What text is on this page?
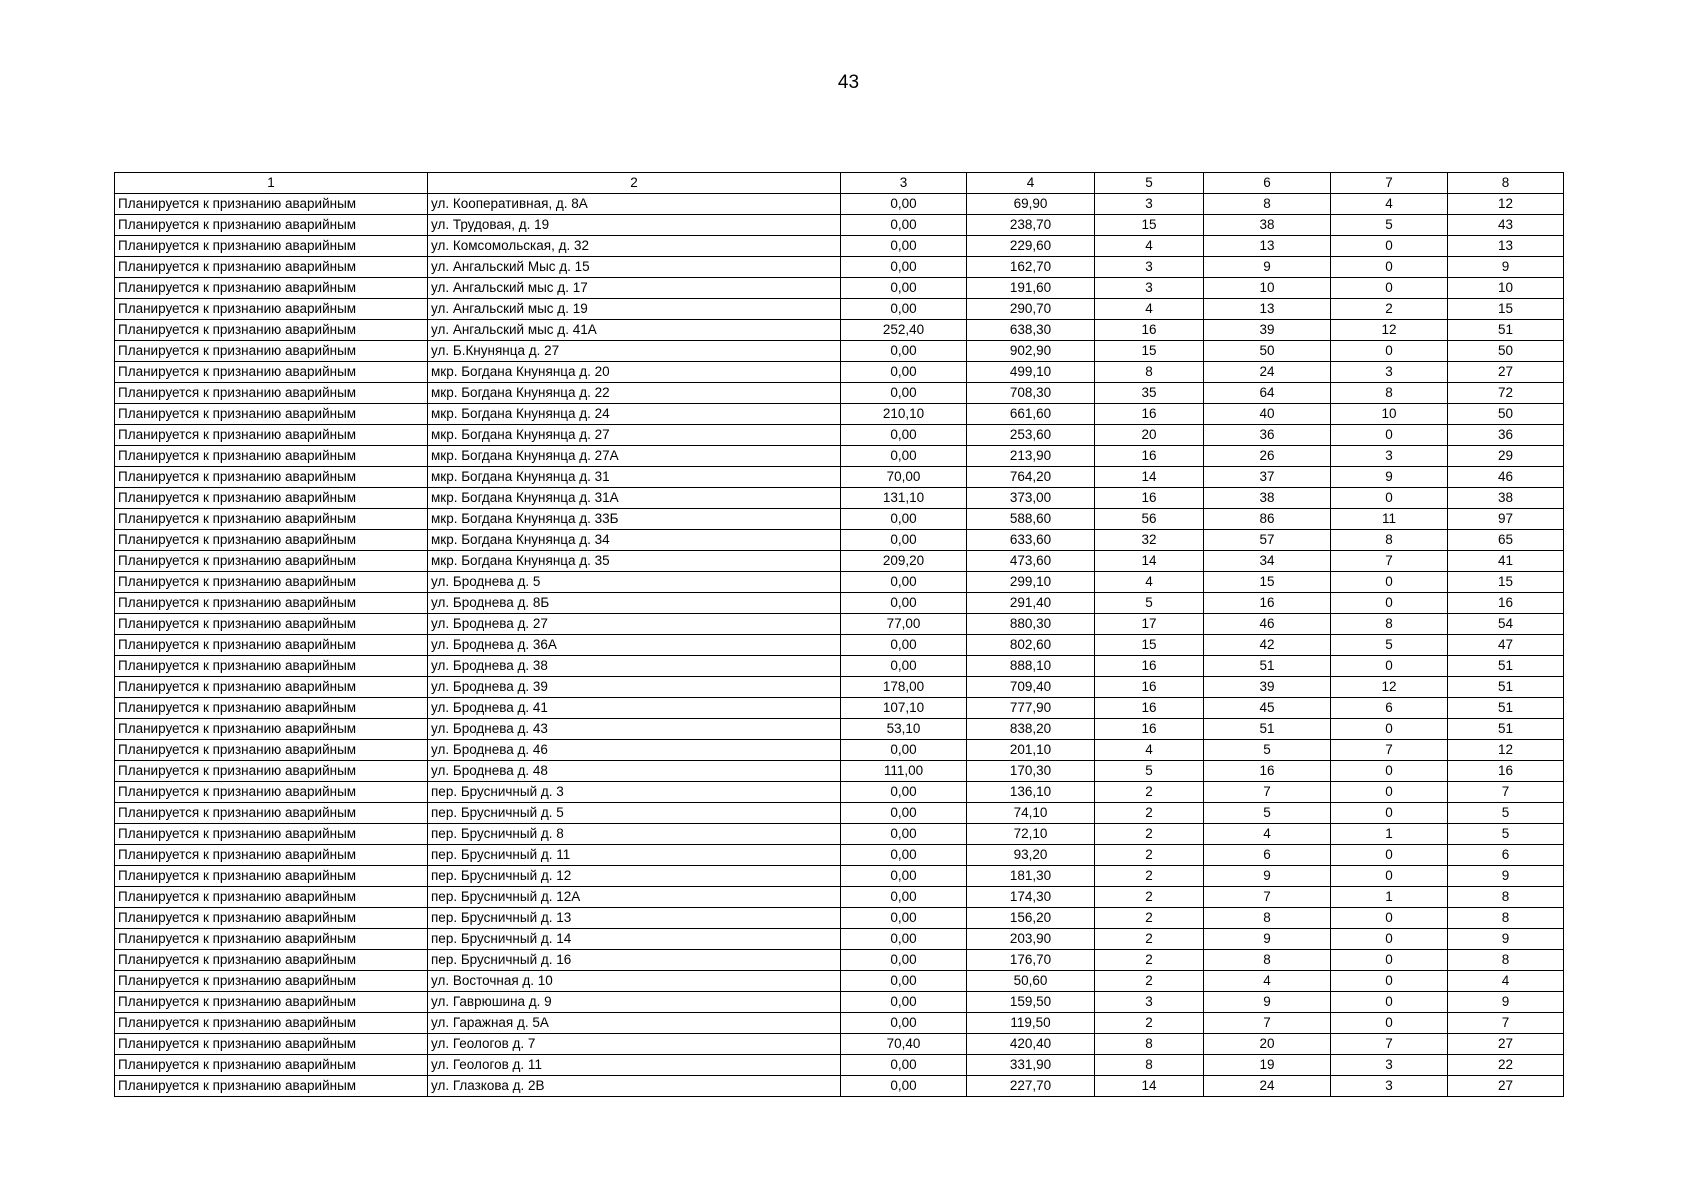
43
1	2	3	4	5	6	7	8
Планируется к признанию аварийным	ул. Кооперативная, д. 8А	0,00	69,90	3	8	4	12
Планируется к признанию аварийным	ул. Трудовая, д. 19	0,00	238,70	15	38	5	43
Планируется к признанию аварийным	ул. Комсомольская, д. 32	0,00	229,60	4	13	0	13
Планируется к признанию аварийным	ул. Ангальский Мыс д. 15	0,00	162,70	3	9	0	9
Планируется к признанию аварийным	ул. Ангальский мыс д. 17	0,00	191,60	3	10	0	10
Планируется к признанию аварийным	ул. Ангальский мыс д. 19	0,00	290,70	4	13	2	15
Планируется к признанию аварийным	ул. Ангальский мыс д. 41А	252,40	638,30	16	39	12	51
Планируется к признанию аварийным	ул. Б.Кнунянца д. 27	0,00	902,90	15	50	0	50
Планируется к признанию аварийным	мкр. Богдана Кнунянца д. 20	0,00	499,10	8	24	3	27
Планируется к признанию аварийным	мкр. Богдана Кнунянца д. 22	0,00	708,30	35	64	8	72
Планируется к признанию аварийным	мкр. Богдана Кнунянца д. 24	210,10	661,60	16	40	10	50
Планируется к признанию аварийным	мкр. Богдана Кнунянца д. 27	0,00	253,60	20	36	0	36
Планируется к признанию аварийным	мкр. Богдана Кнунянца д. 27А	0,00	213,90	16	26	3	29
Планируется к признанию аварийным	мкр. Богдана Кнунянца д. 31	70,00	764,20	14	37	9	46
Планируется к признанию аварийным	мкр. Богдана Кнунянца д. 31А	131,10	373,00	16	38	0	38
Планируется к признанию аварийным	мкр. Богдана Кнунянца д. 33Б	0,00	588,60	56	86	11	97
Планируется к признанию аварийным	мкр. Богдана Кнунянца д. 34	0,00	633,60	32	57	8	65
Планируется к признанию аварийным	мкр. Богдана Кнунянца д. 35	209,20	473,60	14	34	7	41
Планируется к признанию аварийным	ул. Броднева д. 5	0,00	299,10	4	15	0	15
Планируется к признанию аварийным	ул. Броднева д. 8Б	0,00	291,40	5	16	0	16
Планируется к признанию аварийным	ул. Броднева д. 27	77,00	880,30	17	46	8	54
Планируется к признанию аварийным	ул. Броднева д. 36А	0,00	802,60	15	42	5	47
Планируется к признанию аварийным	ул. Броднева д. 38	0,00	888,10	16	51	0	51
Планируется к признанию аварийным	ул. Броднева д. 39	178,00	709,40	16	39	12	51
Планируется к признанию аварийным	ул. Броднева д. 41	107,10	777,90	16	45	6	51
Планируется к признанию аварийным	ул. Броднева д. 43	53,10	838,20	16	51	0	51
Планируется к признанию аварийным	ул. Броднева д. 46	0,00	201,10	4	5	7	12
Планируется к признанию аварийным	ул. Броднева д. 48	111,00	170,30	5	16	0	16
Планируется к признанию аварийным	пер. Брусничный д. 3	0,00	136,10	2	7	0	7
Планируется к признанию аварийным	пер. Брусничный д. 5	0,00	74,10	2	5	0	5
Планируется к признанию аварийным	пер. Брусничный д. 8	0,00	72,10	2	4	1	5
Планируется к признанию аварийным	пер. Брусничный д. 11	0,00	93,20	2	6	0	6
Планируется к признанию аварийным	пер. Брусничный д. 12	0,00	181,30	2	9	0	9
Планируется к признанию аварийным	пер. Брусничный д. 12А	0,00	174,30	2	7	1	8
Планируется к признанию аварийным	пер. Брусничный д. 13	0,00	156,20	2	8	0	8
Планируется к признанию аварийным	пер. Брусничный д. 14	0,00	203,90	2	9	0	9
Планируется к признанию аварийным	пер. Брусничный д. 16	0,00	176,70	2	8	0	8
Планируется к признанию аварийным	ул. Восточная д. 10	0,00	50,60	2	4	0	4
Планируется к признанию аварийным	ул. Гаврюшина д. 9	0,00	159,50	3	9	0	9
Планируется к признанию аварийным	ул. Гаражная д. 5А	0,00	119,50	2	7	0	7
Планируется к признанию аварийным	ул. Геологов д. 7	70,40	420,40	8	20	7	27
Планируется к признанию аварийным	ул. Геологов д. 11	0,00	331,90	8	19	3	22
Планируется к признанию аварийным	ул. Глазкова д. 2В	0,00	227,70	14	24	3	27
